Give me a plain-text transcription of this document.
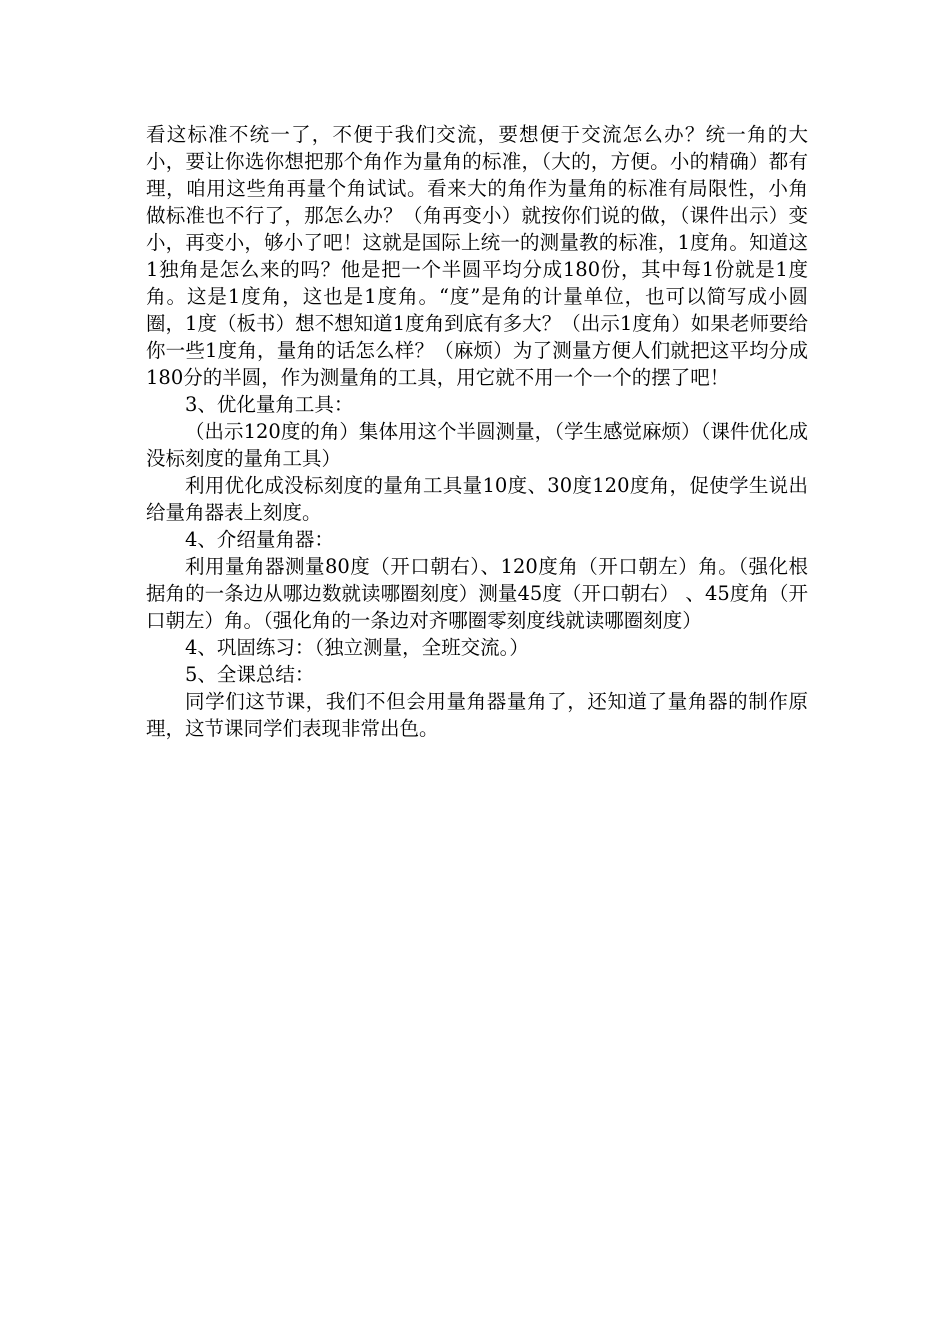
看这标准不统一了，不便于我们交流，要想便于交流怎么办？统一角的大小，要让你选你想把那个角作为量角的标准，（大的，方便。小的精确）都有理，咱用这些角再量个角试试。看来大的角作为量角的标准有局限性，小角做标准也不行了，那怎么办？（角再变小）就按你们说的做，（课件出示）变小，再变小，够小了吧！这就是国际上统一的测量教的标准，1度角。知道这1独角是怎么来的吗？他是把一个半圆平均分成180份，其中每1份就是1度角。这是1度角，这也是1度角。“度”是角的计量单位，也可以简写成小圆圈，1度（板书）想不想知道1度角到底有多大？（出示1度角）如果老师要给你一些1度角，量角的话怎么样？（麻烦）为了测量方便人们就把这平均分成180分的半圆，作为测量角的工具，用它就不用一个一个的摆了吧！

3、优化量角工具：

（出示120度的角）集体用这个半圆测量，（学生感觉麻烦）（课件优化成没标刻度的量角工具）

利用优化成没标刻度的量角工具量10度、30度120度角，促使学生说出给量角器表上刻度。

4、介绍量角器：

利用量角器测量80度（开口朝右）、120度角（开口朝左）角。（强化根据角的一条边从哪边数就读哪圈刻度）测量45度（开口朝右） 、45度角（开口朝左）角。（强化角的一条边对齐哪圈零刻度线就读哪圈刻度）

4、巩固练习：（独立测量，全班交流。）

5、全课总结：

同学们这节课，我们不但会用量角器量角了，还知道了量角器的制作原理，这节课同学们表现非常出色。
